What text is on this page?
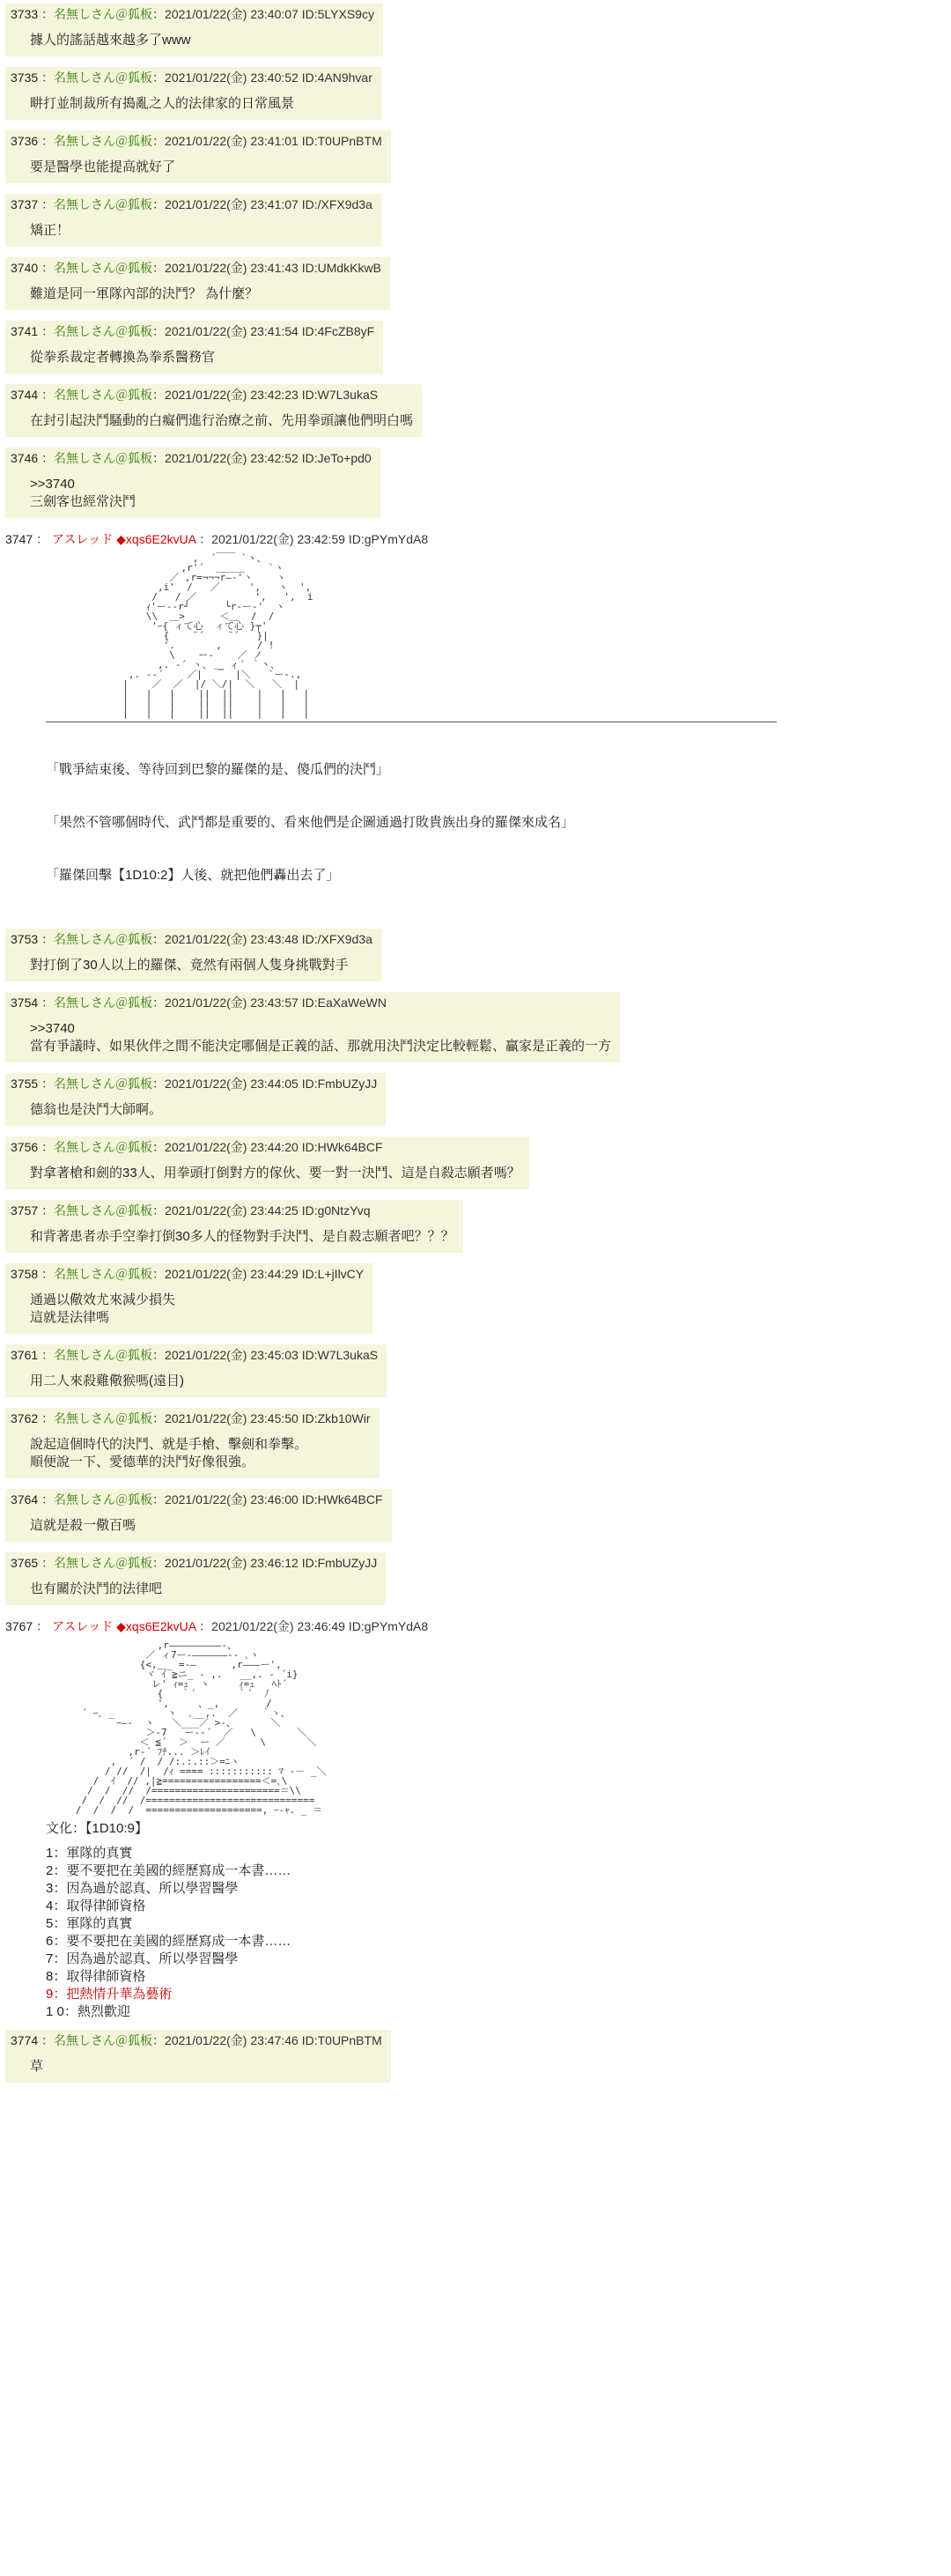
3733 ：名無しさん＠狐板：2021/01/22(金) 23:40:07 ID:5LYXS9cy
據人的謠話越來越多了www
3735 ：名無しさん＠狐板：2021/01/22(金) 23:40:52 ID:4AN9hvar
畊打並制裁所有搗亂之人的法律家的日常風景
3736 ：名無しさん＠狐板：2021/01/22(金) 23:41:01 ID:T0UPnBTM
要是醫學也能提高就好了
3737 ：名無しさん＠狐板：2021/01/22(金) 23:41:07 ID:/XFX9d3a
矯正！
3740 ：名無しさん＠狐板：2021/01/22(金) 23:41:43 ID:UMdkKkwB
難道是同一軍隊內部的決鬥？ 為什麼？
3741 ：名無しさん＠狐板：2021/01/22(金) 23:41:54 ID:4FcZB8yF
從拳系裁定者轉換為拳系醫務官
3744 ：名無しさん＠狐板：2021/01/22(金) 23:42:23 ID:W7L3ukaS
在封引起決鬥騷動的白癡們進行治療之前、先用拳頭讓他們明白嗎
3746 ：名無しさん＠狐板：2021/01/22(金) 23:42:52 ID:JeTo+pd0
>>3740
三劍客也經常決鬥
3747 ： アスレッド ◆xqs6E2kvUA ：2021/01/22(金) 23:42:59 ID:gPYmYdA8
,  ´￣￣ `ヽ、
,r'´  ＿＿＿    `ヽ
／ ,r=¬¬¬r―‐'ヽ    ヽ
,i'  /   ／     ',   ヽ  ',
/   / ／          ',   ',  i
ｨ'ー-‐r┘      └r-ー-'  ヽ
\\  ＿>      ＜＿  /  /
'ｰ{ ィて心  ィて心 }┬'
{    ¨´    ¨´   }|
'.       ,      / !
\    ー‐    ／ ノ
,. -´ ヽ、 _ ィ´ ｀丶、
,. -‐´    ／|  ￣  |＼   `ー-.,
|    ／  ／  |/ ＼/|  ＼   ＼  |
|   |   |    ||  ||    |   |   |
|   |   |    ||  ||    |   |   |
|   |   |    ||  ||    |   |   |

「戰爭結束後、等待回到巴黎的羅傑的是、傻瓜們的決鬥」

「果然不管哪個時代、武鬥都是重要的、看來他們是企圖通過打敗貴族出身的羅傑來成名」

「羅傑回擊【1D10:2】人後、就把他們轟出去了」

3753 ：名無しさん＠狐板：2021/01/22(金) 23:43:48 ID:/XFX9d3a
對打倒了30人以上的羅傑、竟然有兩個人隻身挑戰對手
3754 ：名無しさん＠狐板：2021/01/22(金) 23:43:57 ID:EaXaWeWN
>>3740
當有爭議時、如果伙伴之間不能決定哪個是正義的話、那就用決鬥決定比較輕鬆、贏家是正義的一方
3755 ：名無しさん＠狐板：2021/01/22(金) 23:44:05 ID:FmbUZyJJ
德翁也是決鬥大師啊。
3756 ：名無しさん＠狐板：2021/01/22(金) 23:44:20 ID:HWk64BCF
對拿著槍和劍的33人、用拳頭打倒對方的傢伙、要一對一決鬥、這是自殺志願者嗎？
3757 ：名無しさん＠狐板：2021/01/22(金) 23:44:25 ID:g0NtzYvq
和背著患者赤手空拳打倒30多人的怪物對手決鬥、是自殺志願者吧？？？
3758 ：名無しさん＠狐板：2021/01/22(金) 23:44:29 ID:L+jIlvCY
通過以儆效尤來減少損失
這就是法律嗎
3761 ：名無しさん＠狐板：2021/01/22(金) 23:45:03 ID:W7L3ukaS
用二人來殺雞儆猴嗎(遠目)
3762 ：名無しさん＠狐板：2021/01/22(金) 23:45:50 ID:Zkb10Wir
說起這個時代的決鬥、就是手槍、擊劍和拳擊。
順便說一下、愛德華的決鬥好像很強。
3764 ：名無しさん＠狐板：2021/01/22(金) 23:46:00 ID:HWk64BCF
這就是殺一儆百嗎
3765 ：名無しさん＠狐板：2021/01/22(金) 23:46:12 ID:FmbUZyJJ
也有關於決鬥的法律吧
3767 ： アスレッド ◆xqs6E2kvUA ：2021/01/22(金) 23:46:49 ID:gPYmYdA8
,r―――――――――-、
／ ィ7ー‐――――――‐- ､ヽ
{<,＿_ =-―      ,r―――ー',
ヾ ｲ ≧ニ_ ‐ ,.   __,. ‐ ´i}
レ' ｨ=ｭ  ヽ     ｨ=ｭ   ﾍﾄ´
{   ｀´       ｀´  ﾉ
',     、_,        /
´ ｰ､ _         ヽ  ､__,.  ／    ｀ヽ、
ｰ―-  ヽ   ＼___／ >-、      ＼
＞-7   ー-‐´  ／   \       ＼
＜ ≦´  ＞  ー ／      \       ＼
,r‐´ ﾌﾁ... ＞ﾚｲ
,  ´ /  / /:.:.::＞=ﾆヽ
/ //  /|  /ｨ ==== ::::::::::: ﾏ ‐－ _＼
/  ｲ  // ,|≧=================＜=､\
/  /  //  /======================＝\\
/  /  //  /=============================
/  /  /  /  ====================, ｰ-ｬ. _ ＝
文化：【1D10:9】
1：軍隊的真實
2：要不要把在美國的經歷寫成一本書……
3：因為過於認真、所以學習醫學
4：取得律師資格
5：軍隊的真實
6：要不要把在美國的經歷寫成一本書……
7：因為過於認真、所以學習醫學
8：取得律師資格
9：把熱情升華為藝術
1 0：熱烈歡迎
3774 ：名無しさん＠狐板：2021/01/22(金) 23:47:46 ID:T0UPnBTM
草
